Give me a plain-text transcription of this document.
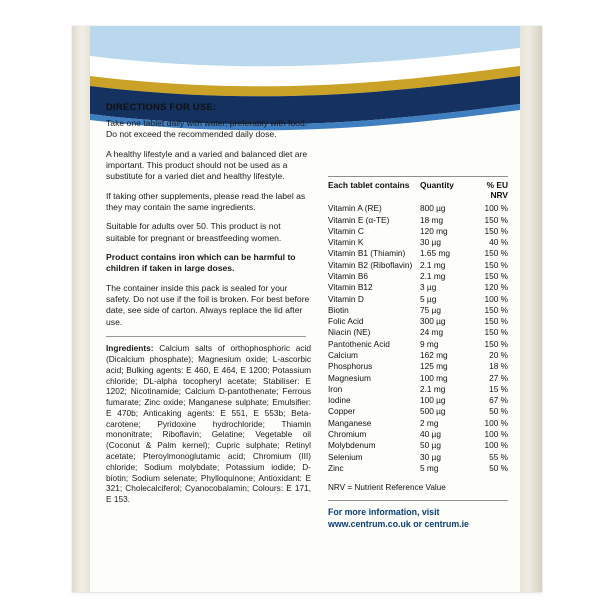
DIRECTIONS FOR USE:

Take one tablet daily with water, preferably with food. Do not exceed the recommended daily dose.

A healthy lifestyle and a varied and balanced diet are important. This product should not be used as a substitute for a varied diet and healthy lifestyle.

If taking other supplements, please read the label as they may contain the same ingredients.

Suitable for adults over 50. This product is not suitable for pregnant or breastfeeding women.

Product contains iron which can be harmful to children if taken in large doses.

The container inside this pack is sealed for your safety. Do not use if the foil is broken. For best before date, see side of carton. Always replace the lid after use.

Ingredients: Calcium salts of orthophosphoric acid (Dicalcium phosphate); Magnesium oxide; L-ascorbic acid; Bulking agents: E 460, E 464, E 1200; Potassium chloride; DL-alpha tocopheryl acetate; Stabiliser: E 1202; Nicotinamide; Calcium D-pantothenate; Ferrous fumarate; Zinc oxide; Manganese sulphate; Emulsifier: E 470b; Anticaking agents: E 551, E 553b; Beta-carotene; Pyridoxine hydrochloride; Thiamin mononitrate; Riboflavin; Gelatine; Vegetable oil (Coconut & Palm kernel); Cupric sulphate; Retinyl acetate; Pteroylmonoglutamic acid; Chromium (III) chloride; Sodium molybdate; Potassium iodide; D-biotin; Sodium selenate; Phylloquinone; Antioxidant: E 321; Cholecalciferol; Cyanocobalamin; Colours: E 171, E 153.
Each tablet contains	Quantity	% EU
NRV
Vitamin A (RE)	800 µg	100 %
Vitamin E (α-TE)	18 mg	150 %
Vitamin C	120 mg	150 %
Vitamin K	30 µg	40 %
Vitamin B1 (Thiamin)	1.65 mg	150 %
Vitamin B2 (Riboflavin) 2.1 mg	150 %
Vitamin B6	2.1 mg	150 %
Vitamin B12	3 µg	120 %
Vitamin D	5 µg	100 %
Biotin	75 µg	150 %
Folic Acid	300 µg	150 %
Niacin (NE)	24 mg	150 %
Pantothenic Acid	9 mg	150 %
Calcium	162 mg	20 %
Phosphorus	125 mg	18 %
Magnesium	100 mg	27 %
Iron	2.1 mg	15 %
Iodine	100 µg	67 %
Copper	500 µg	50 %
Manganese	2 mg	100 %
Chromium	40 µg	100 %
Molybdenum	50 µg	100 %
Selenium	30 µg	55 %
Zinc	5 mg	50 %
NRV = Nutrient Reference Value
For more information, visit
www.centrum.co.uk or centrum.ie
